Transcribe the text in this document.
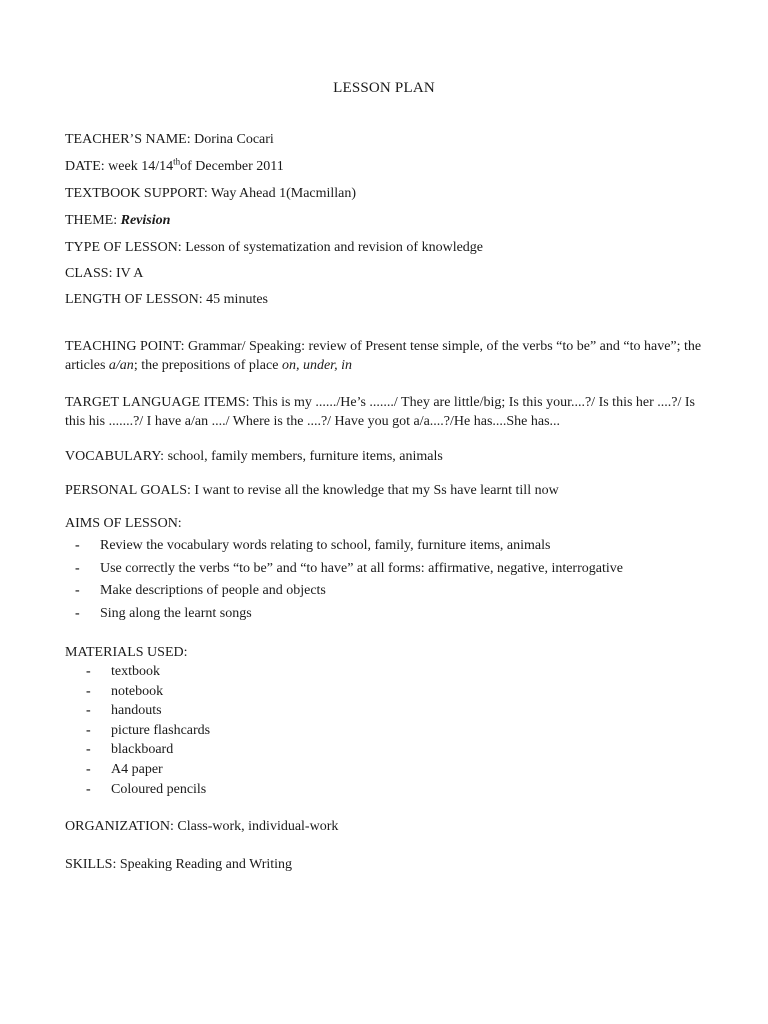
LESSON PLAN
TEACHER’S NAME: Dorina Cocari
DATE: week 14/14thof December 2011
TEXTBOOK SUPPORT: Way Ahead 1(Macmillan)
THEME: Revision
TYPE OF LESSON: Lesson of systematization and revision of knowledge
CLASS: IV A
LENGTH OF LESSON: 45 minutes
TEACHING POINT: Grammar/ Speaking: review of Present tense simple, of the verbs “to be” and “to have”; the articles a/an; the prepositions of place on, under, in
TARGET LANGUAGE ITEMS: This is my ....../He’s ......./ They are little/big; Is this your....?/ Is this her ....?/ Is this his .......?/ I have a/an ..../ Where is the ....?/ Have you got a/a....?/He has....She has...
VOCABULARY: school, family members, furniture items, animals
PERSONAL GOALS: I want to revise all the knowledge that my Ss have learnt till now
AIMS OF LESSON:
- Review the vocabulary words relating to school, family, furniture items, animals
- Use correctly the verbs “to be” and “to have” at all forms: affirmative, negative, interrogative
- Make descriptions of people and objects
- Sing along the learnt songs
MATERIALS USED:
- textbook
- notebook
- handouts
- picture flashcards
- blackboard
- A4 paper
- Coloured pencils
ORGANIZATION: Class-work, individual-work
SKILLS: Speaking Reading and Writing
